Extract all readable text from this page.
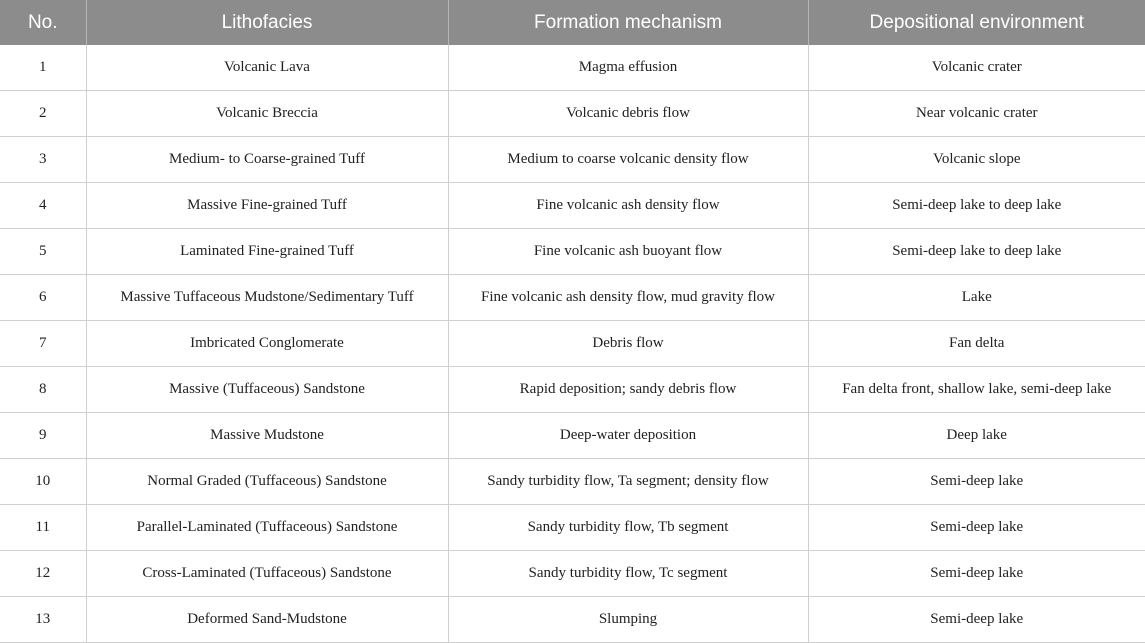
No.	Lithofacies	Formation mechanism	Depositional environment
1	Volcanic Lava	Magma effusion	Volcanic crater
2	Volcanic Breccia	Volcanic debris flow	Near volcanic crater
3	Medium- to Coarse-grained Tuff	Medium to coarse volcanic density flow	Volcanic slope
4	Massive Fine-grained Tuff	Fine volcanic ash density flow	Semi-deep lake to deep lake
5	Laminated Fine-grained Tuff	Fine volcanic ash buoyant flow	Semi-deep lake to deep lake
6	Massive Tuffaceous Mudstone/Sedimentary Tuff	Fine volcanic ash density flow, mud gravity flow	Lake
7	Imbricated Conglomerate	Debris flow	Fan delta
8	Massive (Tuffaceous) Sandstone	Rapid deposition; sandy debris flow	Fan delta front, shallow lake, semi-deep lake
9	Massive Mudstone	Deep-water deposition	Deep lake
10	Normal Graded (Tuffaceous) Sandstone	Sandy turbidity flow, Ta segment; density flow	Semi-deep lake
11	Parallel-Laminated (Tuffaceous) Sandstone	Sandy turbidity flow, Tb segment	Semi-deep lake
12	Cross-Laminated (Tuffaceous) Sandstone	Sandy turbidity flow, Tc segment	Semi-deep lake
13	Deformed Sand-Mudstone	Slumping	Semi-deep lake
